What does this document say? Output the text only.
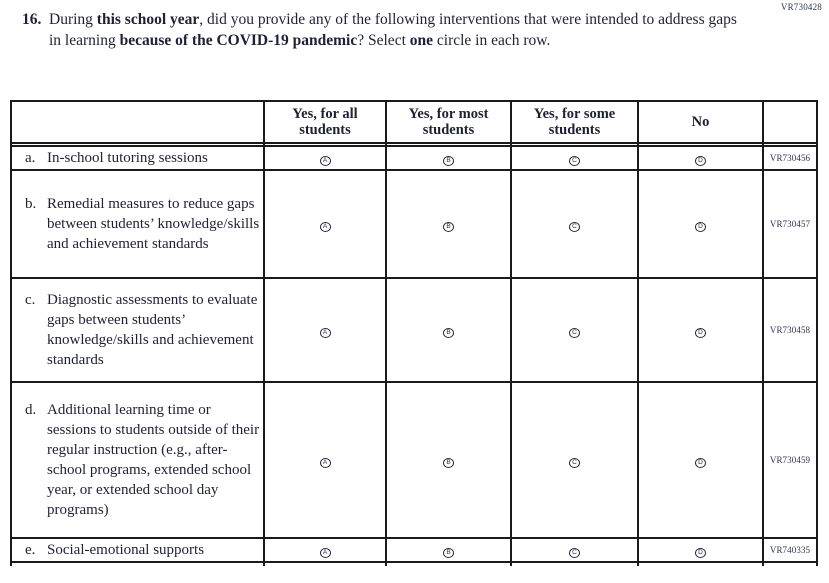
VR730428
16. During this school year, did you provide any of the following interventions that were intended to address gaps in learning because of the COVID-19 pandemic? Select one circle in each row.
	Yes, for all students	Yes, for most students	Yes, for some students	No	

a. In-school tutoring sessions	A	B	C	D	VR730456

b. Remedial measures to reduce gaps between students’ knowledge/skills and achievement standards	A	B	C	D	VR730457

c. Diagnostic assessments to evaluate gaps between students’ knowledge/skills and achievement standards	A	B	C	D	VR730458

d. Additional learning time or sessions to students outside of their regular instruction (e.g., after-school programs, extended school year, or extended school day programs)	A	B	C	D	VR730459

e. Social-emotional supports	A	B	C	D	VR740335
